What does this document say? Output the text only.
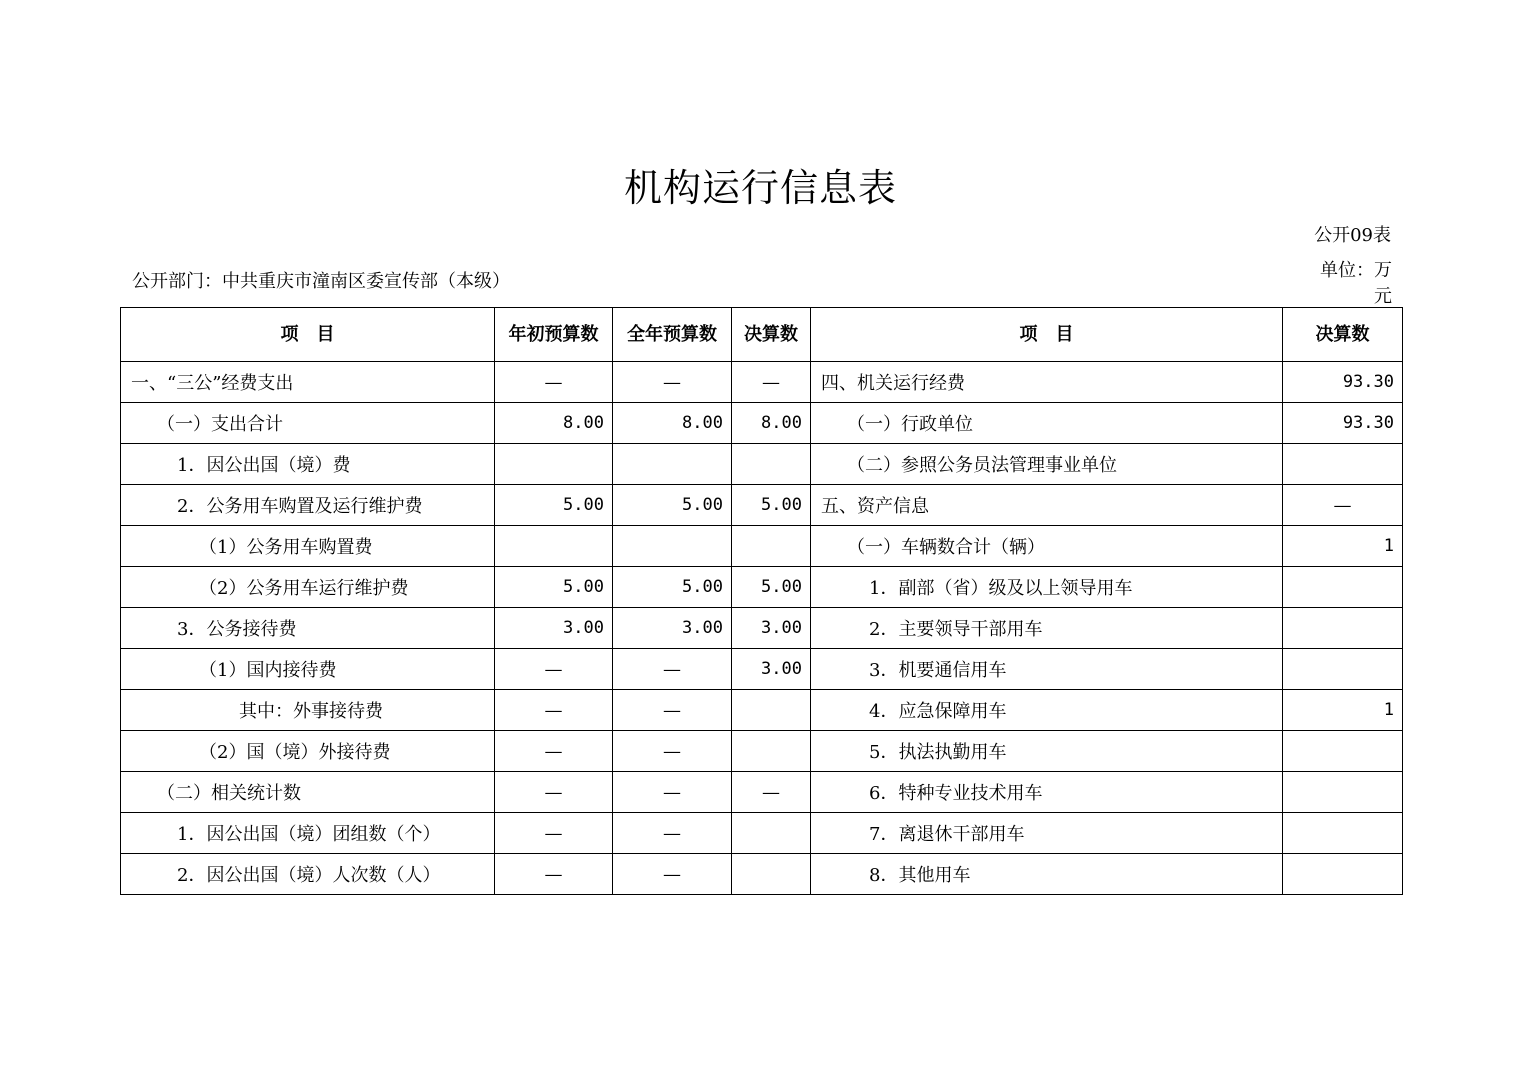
机构运行信息表
公开09表
公开部门：中共重庆市潼南区委宣传部（本级）
单位：万元
项　目	年初预算数	全年预算数	决算数	项　目	决算数
一、“三公”经费支出	—	—	—	四、机关运行经费	93.30
（一）支出合计	8.00	8.00	8.00	（一）行政单位	93.30
1．因公出国（境）费				（二）参照公务员法管理事业单位	
2．公务用车购置及运行维护费	5.00	5.00	5.00	五、资产信息	—
（1）公务用车购置费				（一）车辆数合计（辆）	1
（2）公务用车运行维护费	5.00	5.00	5.00	1．副部（省）级及以上领导用车	
3．公务接待费	3.00	3.00	3.00	2．主要领导干部用车	
（1）国内接待费	—	—	3.00	3．机要通信用车	
其中：外事接待费	—	—		4．应急保障用车	1
（2）国（境）外接待费	—	—		5．执法执勤用车	
（二）相关统计数	—	—	—	6．特种专业技术用车	
1．因公出国（境）团组数（个）	—	—		7．离退休干部用车	
2．因公出国（境）人次数（人）	—	—		8．其他用车	
